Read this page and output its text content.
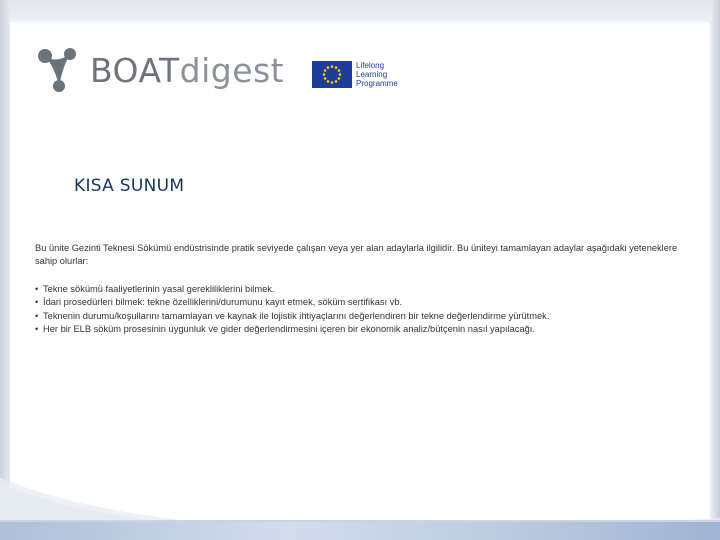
BOATdigest	Lifelong
Learning
Programme
KISA SUNUM
Bu ünite Gezinti Teknesi Sökümü endüstrisinde pratik seviyede çalışan veya yer alan adaylarla ilgilidir. Bu üniteyi tamamlayan adaylar aşağıdaki yeteneklere sahip olurlar:
• Tekne sökümü faaliyetlerinin yasal gerekliliklerini bilmek.
• İdari prosedürleri bilmek: tekne özelliklerini/durumunu kayıt etmek, söküm sertifikası vb.
• Teknenin durumu/koşullarını tamamlayan ve kaynak ile lojistik ihtiyaçlarını değerlendiren bir tekne değerlendirme yürütmek.
• Her bir ELB söküm prosesinin uygunluk ve gider değerlendirmesini içeren bir ekonomik analiz/bütçenin nasıl yapılacağı.
